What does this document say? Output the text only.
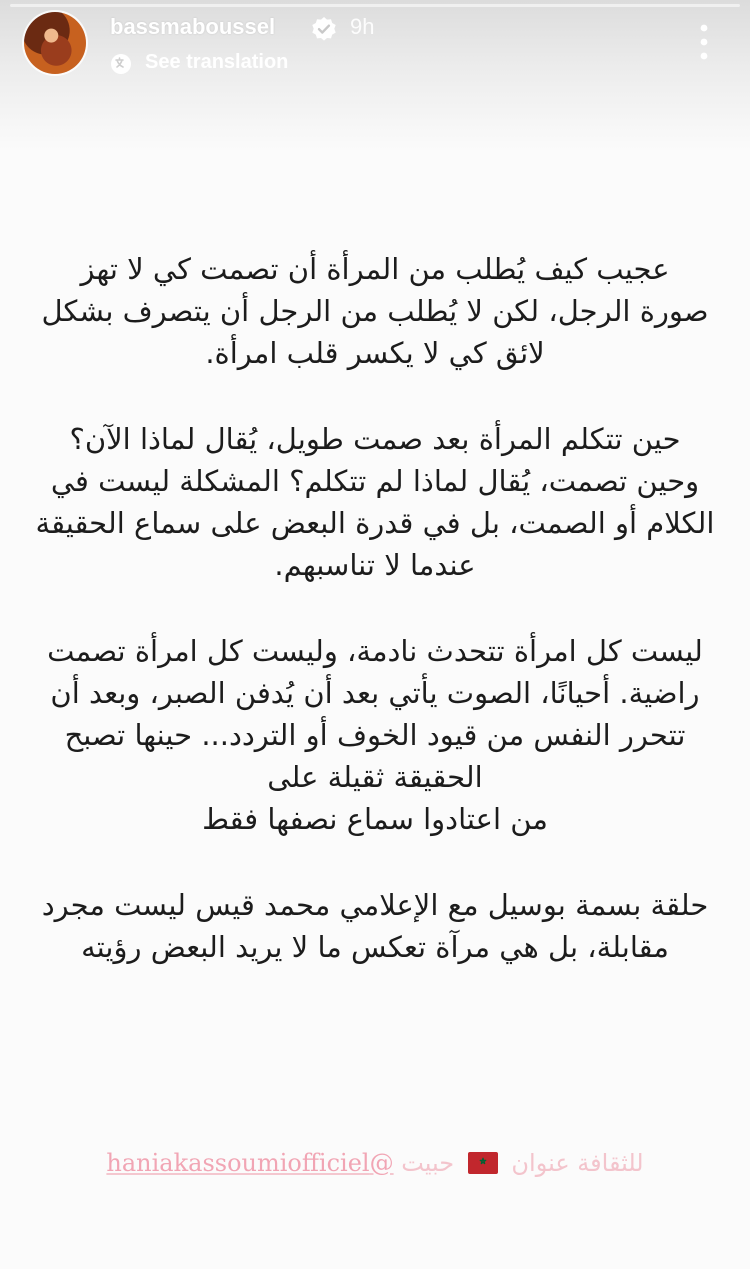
bassmaboussel	9h
See translation

عجيب كيف يُطلب من المرأة أن تصمت كي لا تهز
صورة الرجل، لكن لا يُطلب من الرجل أن يتصرف بشكل
لائق كي لا يكسر قلب امرأة.

حين تتكلم المرأة بعد صمت طويل، يُقال لماذا الآن؟
وحين تصمت، يُقال لماذا لم تتكلم؟ المشكلة ليست في
الكلام أو الصمت، بل في قدرة البعض على سماع الحقيقة
عندما لا تناسبهم.

ليست كل امرأة تتحدث نادمة، وليست كل امرأة تصمت
راضية. أحيانًا، الصوت يأتي بعد أن يُدفن الصبر، وبعد أن
تتحرر النفس من قيود الخوف أو التردد... حينها تصبح
الحقيقة ثقيلة على
من اعتادوا سماع نصفها فقط

حلقة بسمة بوسيل مع الإعلامي محمد قيس ليست مجرد
مقابلة، بل هي مرآة تعكس ما لا يريد البعض رؤيته

للثقافة عنوان  حبيت @haniakassoumiofficiel
